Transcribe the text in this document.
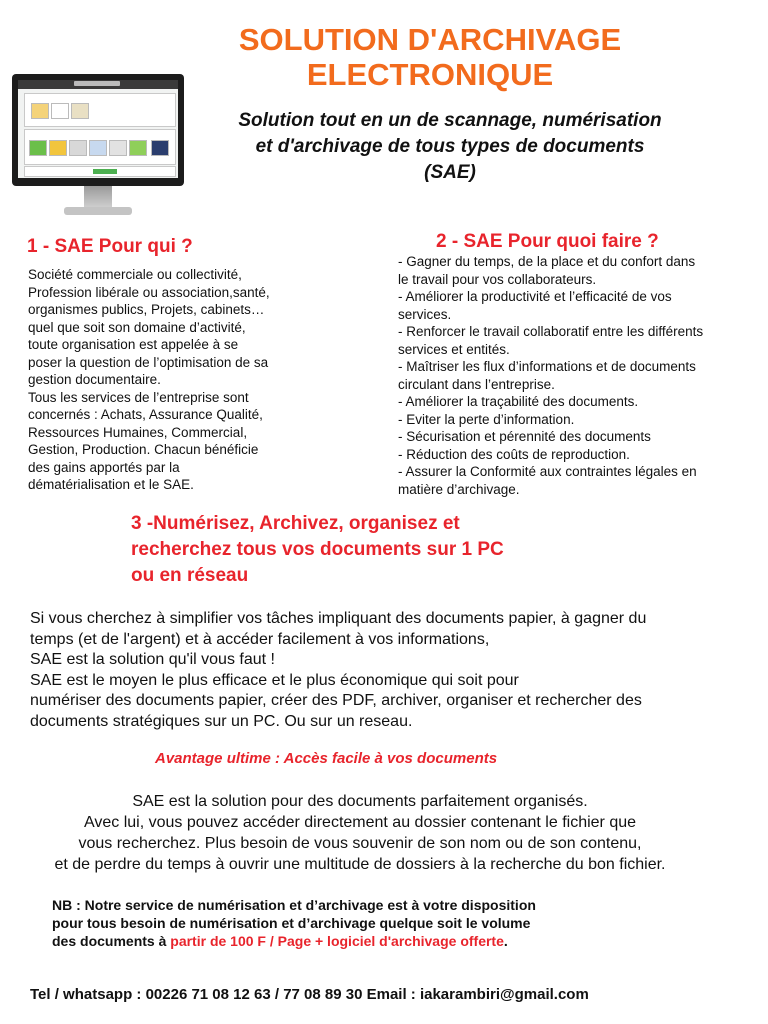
SOLUTION D'ARCHIVAGE
ELECTRONIQUE
Solution tout en un de scannage, numérisation
et d'archivage de tous types de documents
(SAE)
1 - SAE Pour qui ?
Société commerciale ou collectivité,
Profession libérale ou association,santé,
organismes publics, Projets, cabinets…
quel que soit son domaine d’activité,
toute organisation est appelée à se
poser la question de l’optimisation de sa
gestion documentaire.
Tous les services de l’entreprise sont
concernés : Achats, Assurance Qualité,
Ressources Humaines, Commercial,
Gestion, Production. Chacun bénéficie
des gains apportés par la
dématérialisation et le SAE.
2 - SAE Pour quoi faire ?
- Gagner du temps, de la place et du confort dans
le travail pour vos collaborateurs.
- Améliorer la productivité et l’efficacité de vos
services.
- Renforcer le travail collaboratif entre les différents
services et entités.
- Maîtriser les flux d’informations et de documents
circulant dans l’entreprise.
- Améliorer la traçabilité des documents.
- Eviter la perte d’information.
- Sécurisation et pérennité des documents
- Réduction des coûts de reproduction.
- Assurer la Conformité aux contraintes légales en
matière d’archivage.
3 -Numérisez, Archivez, organisez et
recherchez tous vos documents sur 1 PC
ou en réseau
Si vous cherchez à simplifier vos tâches impliquant des documents papier, à gagner du
temps (et de l'argent) et à accéder facilement à vos informations,
SAE est la solution qu'il vous faut !
SAE est le moyen le plus efficace et le plus économique qui soit pour
numériser des documents papier, créer des PDF, archiver, organiser et rechercher des
documents stratégiques sur un PC. Ou sur un reseau.
Avantage ultime : Accès facile à vos documents
SAE est la solution pour des documents parfaitement organisés.
Avec lui, vous pouvez accéder directement au dossier contenant le fichier que
vous recherchez. Plus besoin de vous souvenir de son nom ou de son contenu,
et de perdre du temps à ouvrir une multitude de dossiers à la recherche du bon fichier.
NB : Notre service de numérisation et d’archivage est à votre disposition
pour tous besoin de numérisation et d’archivage quelque soit le volume
des documents à partir de 100 F / Page + logiciel d'archivage offerte.
Tel / whatsapp : 00226 71 08 12 63 / 77 08 89 30 Email : iakarambiri@gmail.com
